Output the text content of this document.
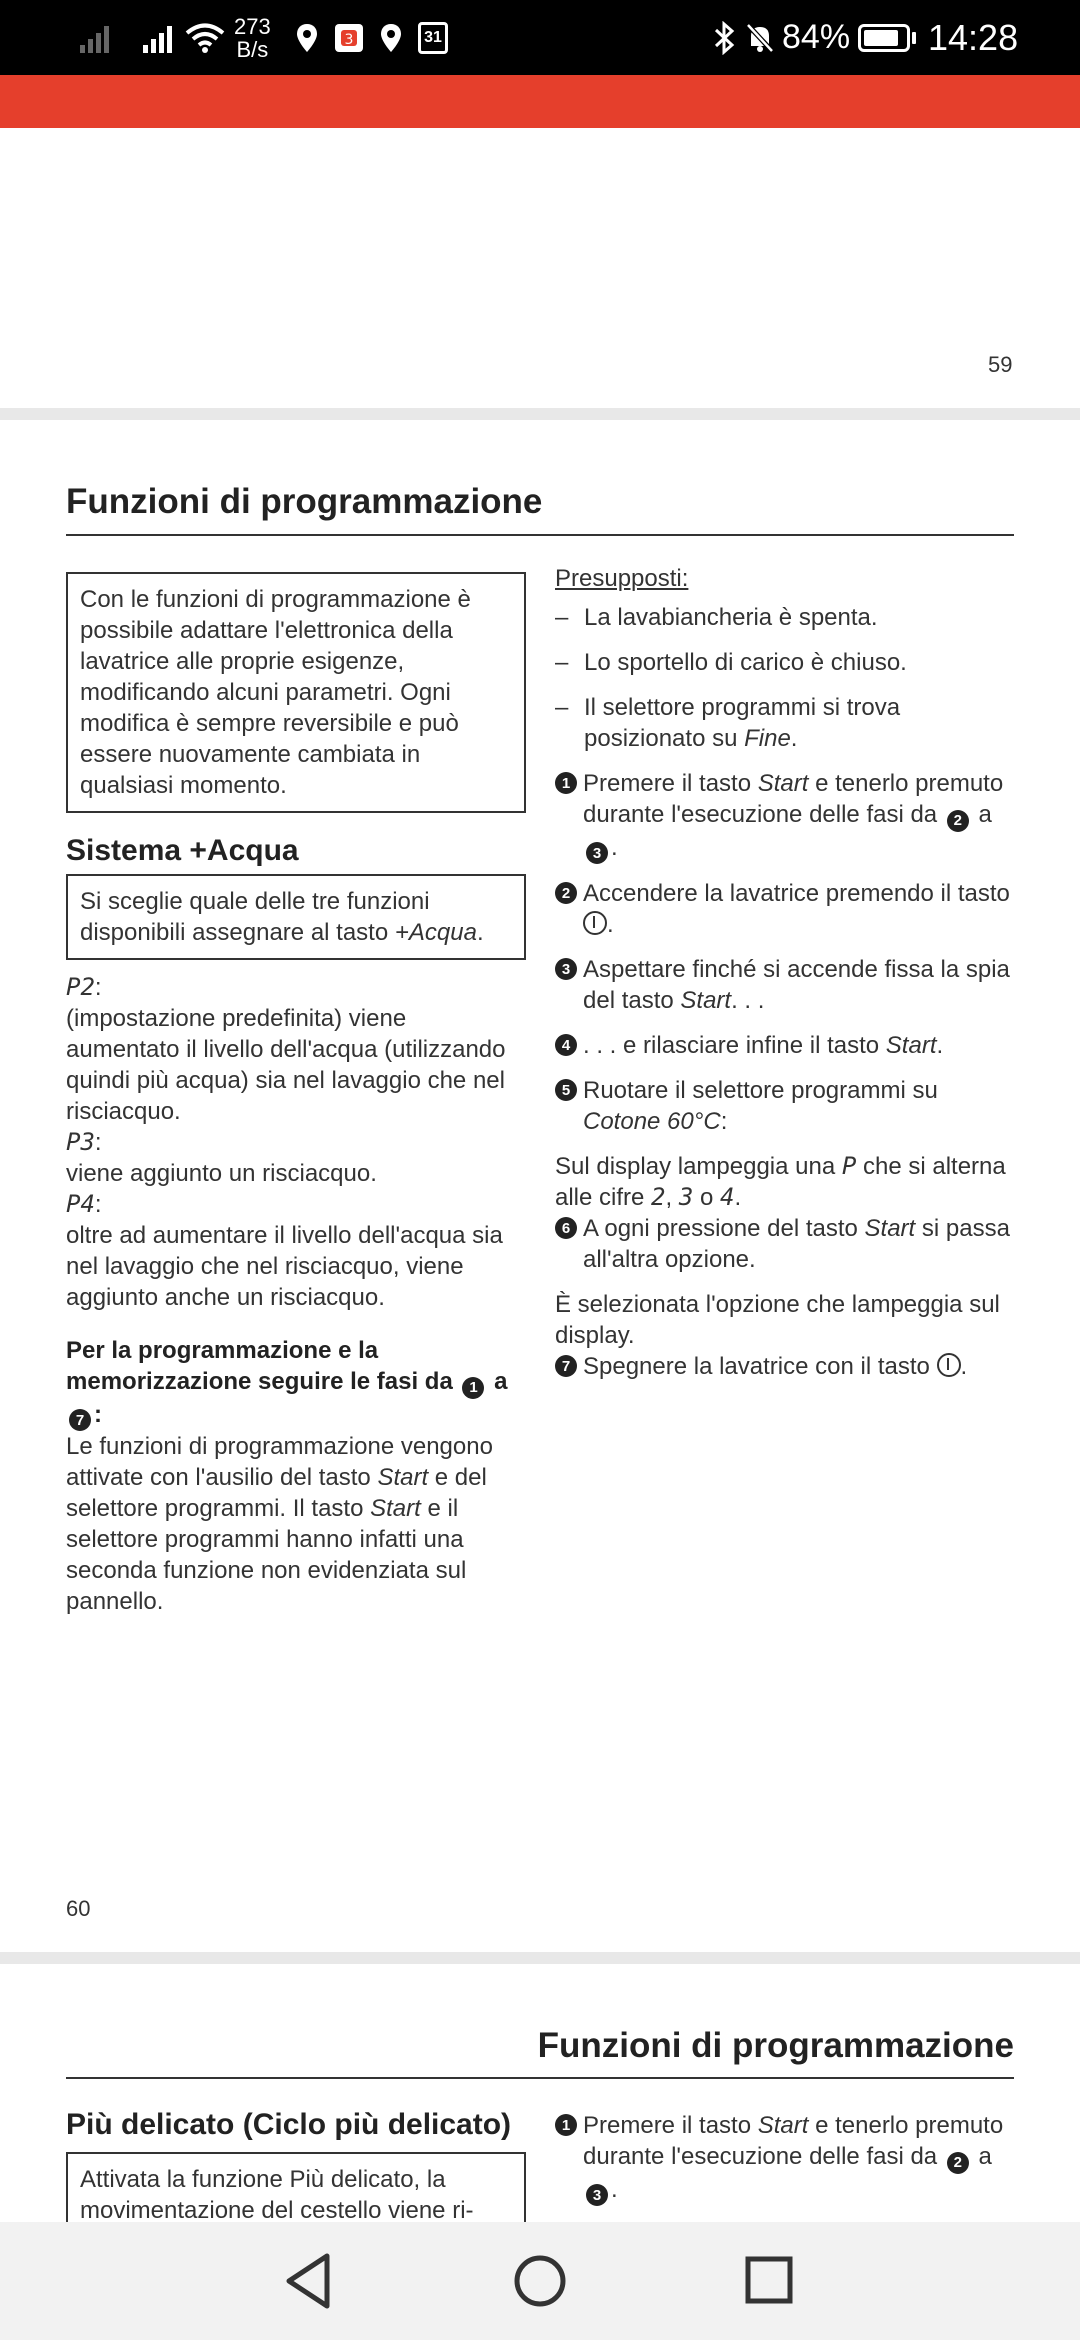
273
B/s	3	31	84% 14:28
59
Funzioni di programmazione
Con le funzioni di programmazione è possibile adattare l'elettronica della lavatrice alle proprie esigenze, modificando alcuni parametri. Ogni modifica è sempre reversibile e può essere nuovamente cambiata in qualsiasi momento.
Sistema +Acqua
Si sceglie quale delle tre funzioni disponibili assegnare al tasto +Acqua.

P2:
(impostazione predefinita) viene aumentato il livello dell'acqua (utilizzando quindi più acqua) sia nel lavaggio che nel risciacquo.

P3:
viene aggiunto un risciacquo.

P4:
oltre ad aumentare il livello dell'acqua sia nel lavaggio che nel risciacquo, viene aggiunto anche un risciacquo.

Per la programmazione e la memorizzazione seguire le fasi da 1 a 7 :

Le funzioni di programmazione vengono attivate con l'ausilio del tasto Start e del selettore programmi. Il tasto Start e il selettore programmi hanno infatti una seconda funzione non evidenziata sul pannello.

Presupposti:

– La lavabiancheria è spenta.
– Lo sportello di carico è chiuso.
– Il selettore programmi si trova posizionato su Fine.
1 Premere il tasto Start e tenerlo premuto durante l'esecuzione delle fasi da 2 a 3 .
2 Accendere la lavatrice premendo il tasto
.
3 Aspettare finché si accende fissa la spia del tasto Start. . .
4 . . . e rilasciare infine il tasto Start.
5 Ruotare il selettore programmi su Cotone 60°C:

Sul display lampeggia una P che si alterna alle cifre 2, 3 o 4.

6 A ogni pressione del tasto Start si passa all'altra opzione.

È selezionata l'opzione che lampeggia sul display.

7 Spegnere la lavatrice con il tasto .
60
Funzioni di programmazione
Più delicato (Ciclo più delicato)
Attivata la funzione Più delicato, la movimentazione del cestello viene ri-
1 Premere il tasto Start e tenerlo premuto durante l'esecuzione delle fasi da 2 a 3 .
